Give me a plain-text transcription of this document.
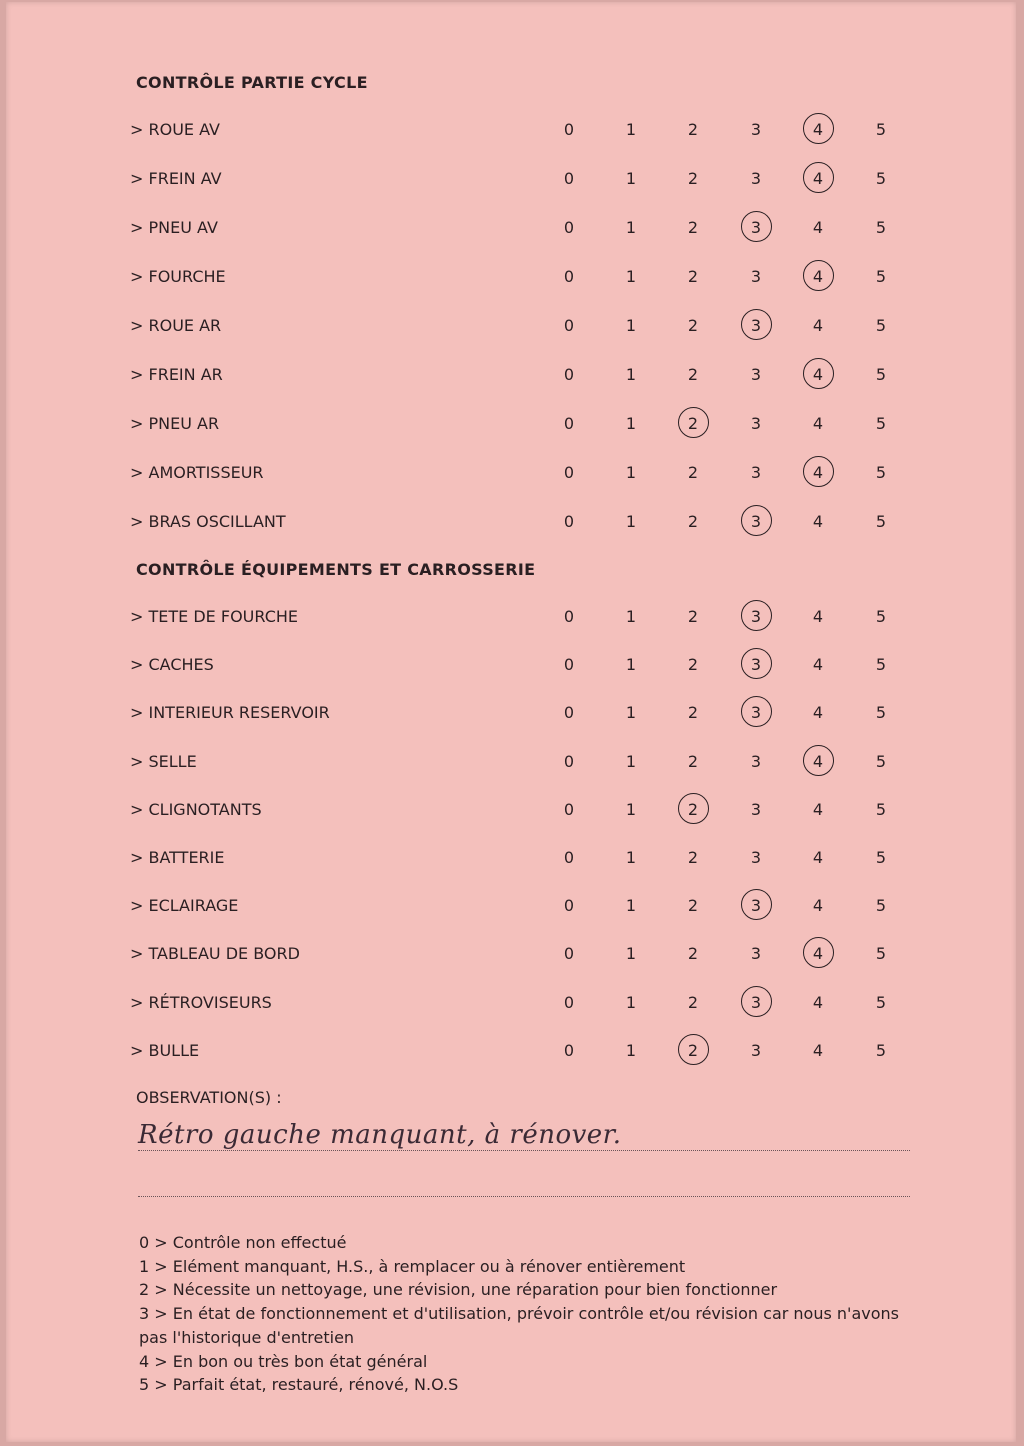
CONTRÔLE PARTIE CYCLE
> ROUE AV	0	1	2	3	4	5
> FREIN AV	0	1	2	3	4	5
> PNEU AV	0	1	2	3	4	5
> FOURCHE	0	1	2	3	4	5
> ROUE AR	0	1	2	3	4	5
> FREIN AR	0	1	2	3	4	5
> PNEU AR	0	1	2	3	4	5
> AMORTISSEUR	0	1	2	3	4	5
> BRAS OSCILLANT	0	1	2	3	4	5
CONTRÔLE ÉQUIPEMENTS ET CARROSSERIE
> TETE DE FOURCHE	0	1	2	3	4	5
> CACHES	0	1	2	3	4	5
> INTERIEUR RESERVOIR	0	1	2	3	4	5
> SELLE	0	1	2	3	4	5
> CLIGNOTANTS	0	1	2	3	4	5
> BATTERIE	0	1	2	3	4	5
> ECLAIRAGE	0	1	2	3	4	5
> TABLEAU DE BORD	0	1	2	3	4	5
> RÉTROVISEURS	0	1	2	3	4	5
> BULLE	0	1	2	3	4	5
OBSERVATION(S) :
Rétro gauche manquant, à rénover.
0 > Contrôle non effectué
1 > Elément manquant, H.S., à remplacer ou à rénover entièrement
2 > Nécessite un nettoyage, une révision, une réparation pour bien fonctionner
3 > En état de fonctionnement et d'utilisation, prévoir contrôle et/ou révision car nous n'avons pas l'historique d'entretien
4 > En bon ou très bon état général
5 > Parfait état, restauré, rénové, N.O.S
